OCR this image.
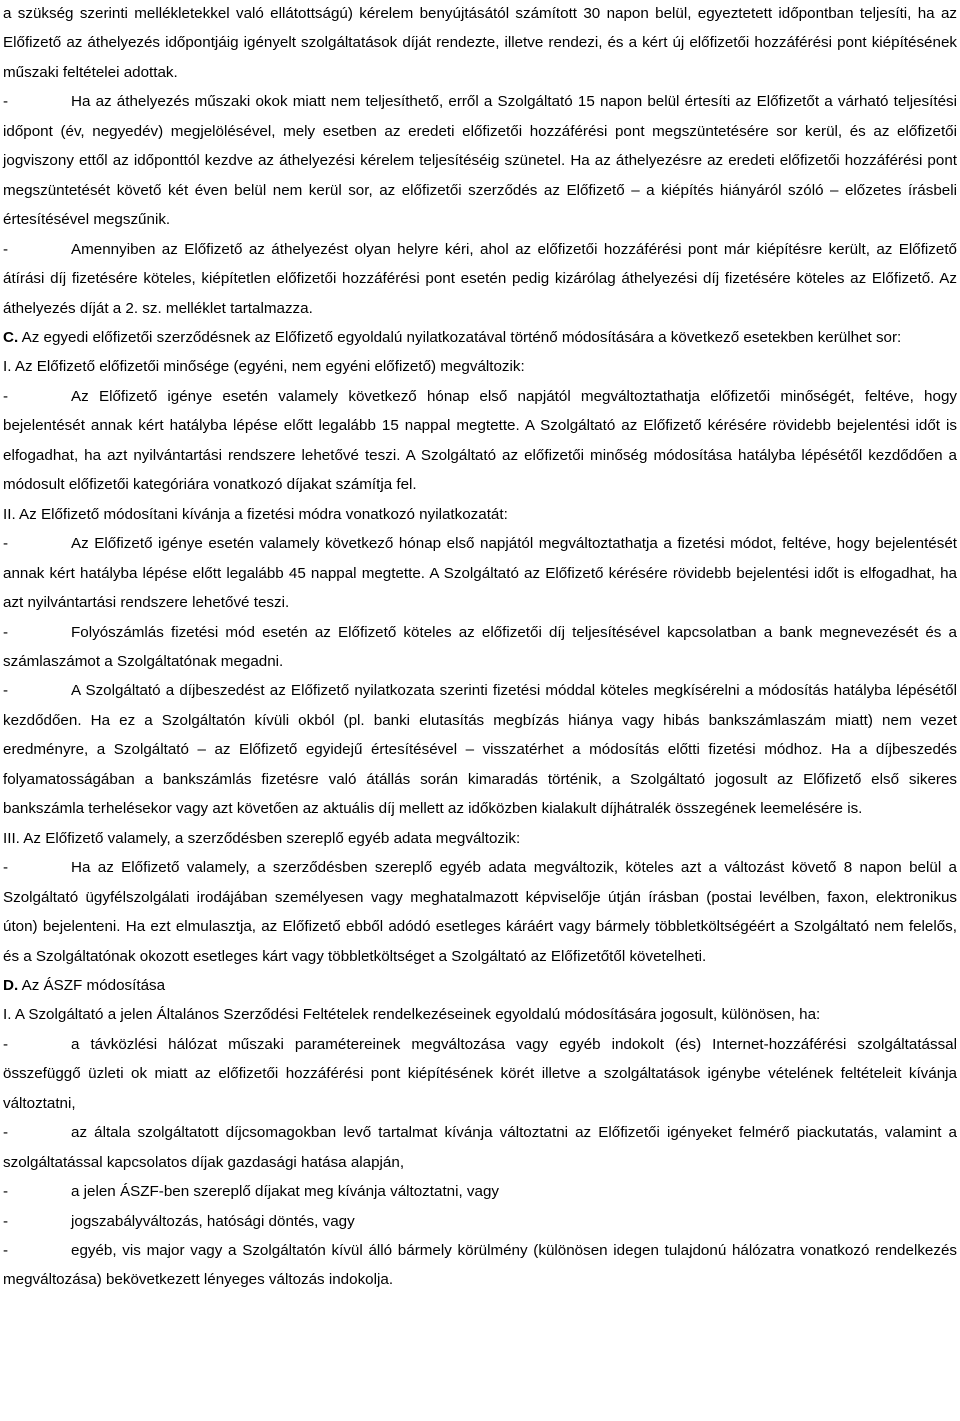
a szükség szerinti mellékletekkel való ellátottságú) kérelem benyújtásától számított 30 napon belül, egyeztetett időpontban teljesíti, ha az Előfizető az áthelyezés időpontjáig igényelt szolgáltatások díját rendezte, illetve rendezi, és a kért új előfizetői hozzáférési pont kiépítésének műszaki feltételei adottak.

-	Ha az áthelyezés műszaki okok miatt nem teljesíthető, erről a Szolgáltató 15 napon belül értesíti az Előfizetőt a várható teljesítési időpont (év, negyedév) megjelölésével, mely esetben az eredeti előfizetői hozzáférési pont megszüntetésére sor kerül, és az előfizetői jogviszony ettől az időponttól kezdve az áthelyezési kérelem teljesítéséig szünetel. Ha az áthelyezésre az eredeti előfizetői hozzáférési pont megszüntetését követő két éven belül nem kerül sor, az előfizetői szerződés az Előfizető – a kiépítés hiányáról szóló – előzetes írásbeli értesítésével megszűnik.

-	Amennyiben az Előfizető az áthelyezést olyan helyre kéri, ahol az előfizetői hozzáférési pont már kiépítésre került, az Előfizető átírási díj fizetésére köteles, kiépítetlen előfizetői hozzáférési pont esetén pedig kizárólag áthelyezési díj fizetésére köteles az Előfizető. Az áthelyezés díját a 2. sz. melléklet tartalmazza.

C. Az egyedi előfizetői szerződésnek az Előfizető egyoldalú nyilatkozatával történő módosítására a következő esetekben kerülhet sor:

I. Az Előfizető előfizetői minősége (egyéni, nem egyéni előfizető) megváltozik:

-	Az Előfizető igénye esetén valamely következő hónap első napjától megváltoztathatja előfizetői minőségét, feltéve, hogy bejelentését annak kért hatályba lépése előtt legalább 15 nappal megtette. A Szolgáltató az Előfizető kérésére rövidebb bejelentési időt is elfogadhat, ha azt nyilvántartási rendszere lehetővé teszi. A Szolgáltató az előfizetői minőség módosítása hatályba lépésétől kezdődően a módosult előfizetői kategóriára vonatkozó díjakat számítja fel.

II. Az Előfizető módosítani kívánja a fizetési módra vonatkozó nyilatkozatát:

-	Az Előfizető igénye esetén valamely következő hónap első napjától megváltoztathatja a fizetési módot, feltéve, hogy bejelentését annak kért hatályba lépése előtt legalább 45 nappal megtette. A Szolgáltató az Előfizető kérésére rövidebb bejelentési időt is elfogadhat, ha azt nyilvántartási rendszere lehetővé teszi.

-	Folyószámlás fizetési mód esetén az Előfizető köteles az előfizetői díj teljesítésével kapcsolatban a bank megnevezését és a számlaszámot a Szolgáltatónak megadni.

-	A Szolgáltató a díjbeszedést az Előfizető nyilatkozata szerinti fizetési móddal köteles megkísérelni a módosítás hatályba lépésétől kezdődően. Ha ez a Szolgáltatón kívüli okból (pl. banki elutasítás megbízás hiánya vagy hibás bankszámlaszám miatt) nem vezet eredményre, a Szolgáltató – az Előfizető egyidejű értesítésével – visszatérhet a módosítás előtti fizetési módhoz. Ha a díjbeszedés folyamatosságában a bankszámlás fizetésre való átállás során kimaradás történik, a Szolgáltató jogosult az Előfizető első sikeres bankszámla terhelésekor vagy azt követően az aktuális díj mellett az időközben kialakult díjhátralék összegének leemelésére is.

III. Az Előfizető valamely, a szerződésben szereplő egyéb adata megváltozik:

-	Ha az Előfizető valamely, a szerződésben szereplő egyéb adata megváltozik, köteles azt a változást követő 8 napon belül a Szolgáltató ügyfélszolgálati irodájában személyesen vagy meghatalmazott képviselője útján írásban (postai levélben, faxon, elektronikus úton) bejelenteni. Ha ezt elmulasztja, az Előfizető ebből adódó esetleges káráért vagy bármely többletköltségéért a Szolgáltató nem felelős, és a Szolgáltatónak okozott esetleges kárt vagy többletköltséget a Szolgáltató az Előfizetőtől követelheti.

D. Az ÁSZF módosítása

I. A Szolgáltató a jelen Általános Szerződési Feltételek rendelkezéseinek egyoldalú módosítására jogosult, különösen, ha:

-	a távközlési hálózat műszaki paramétereinek megváltozása vagy egyéb indokolt (és) Internet-hozzáférési szolgáltatással összefüggő üzleti ok miatt az előfizetői hozzáférési pont kiépítésének körét illetve a szolgáltatások igénybe vételének feltételeit kívánja változtatni,

-	az általa szolgáltatott díjcsomagokban levő tartalmat kívánja változtatni az Előfizetői igényeket felmérő piackutatás, valamint a szolgáltatással kapcsolatos díjak gazdasági hatása alapján,

-	a jelen ÁSZF-ben szereplő díjakat meg kívánja változtatni, vagy

-	jogszabályváltozás, hatósági döntés, vagy

-	egyéb, vis major vagy a Szolgáltatón kívül álló bármely körülmény (különösen idegen tulajdonú hálózatra vonatkozó rendelkezés megváltozása) bekövetkezett lényeges változás indokolja.
